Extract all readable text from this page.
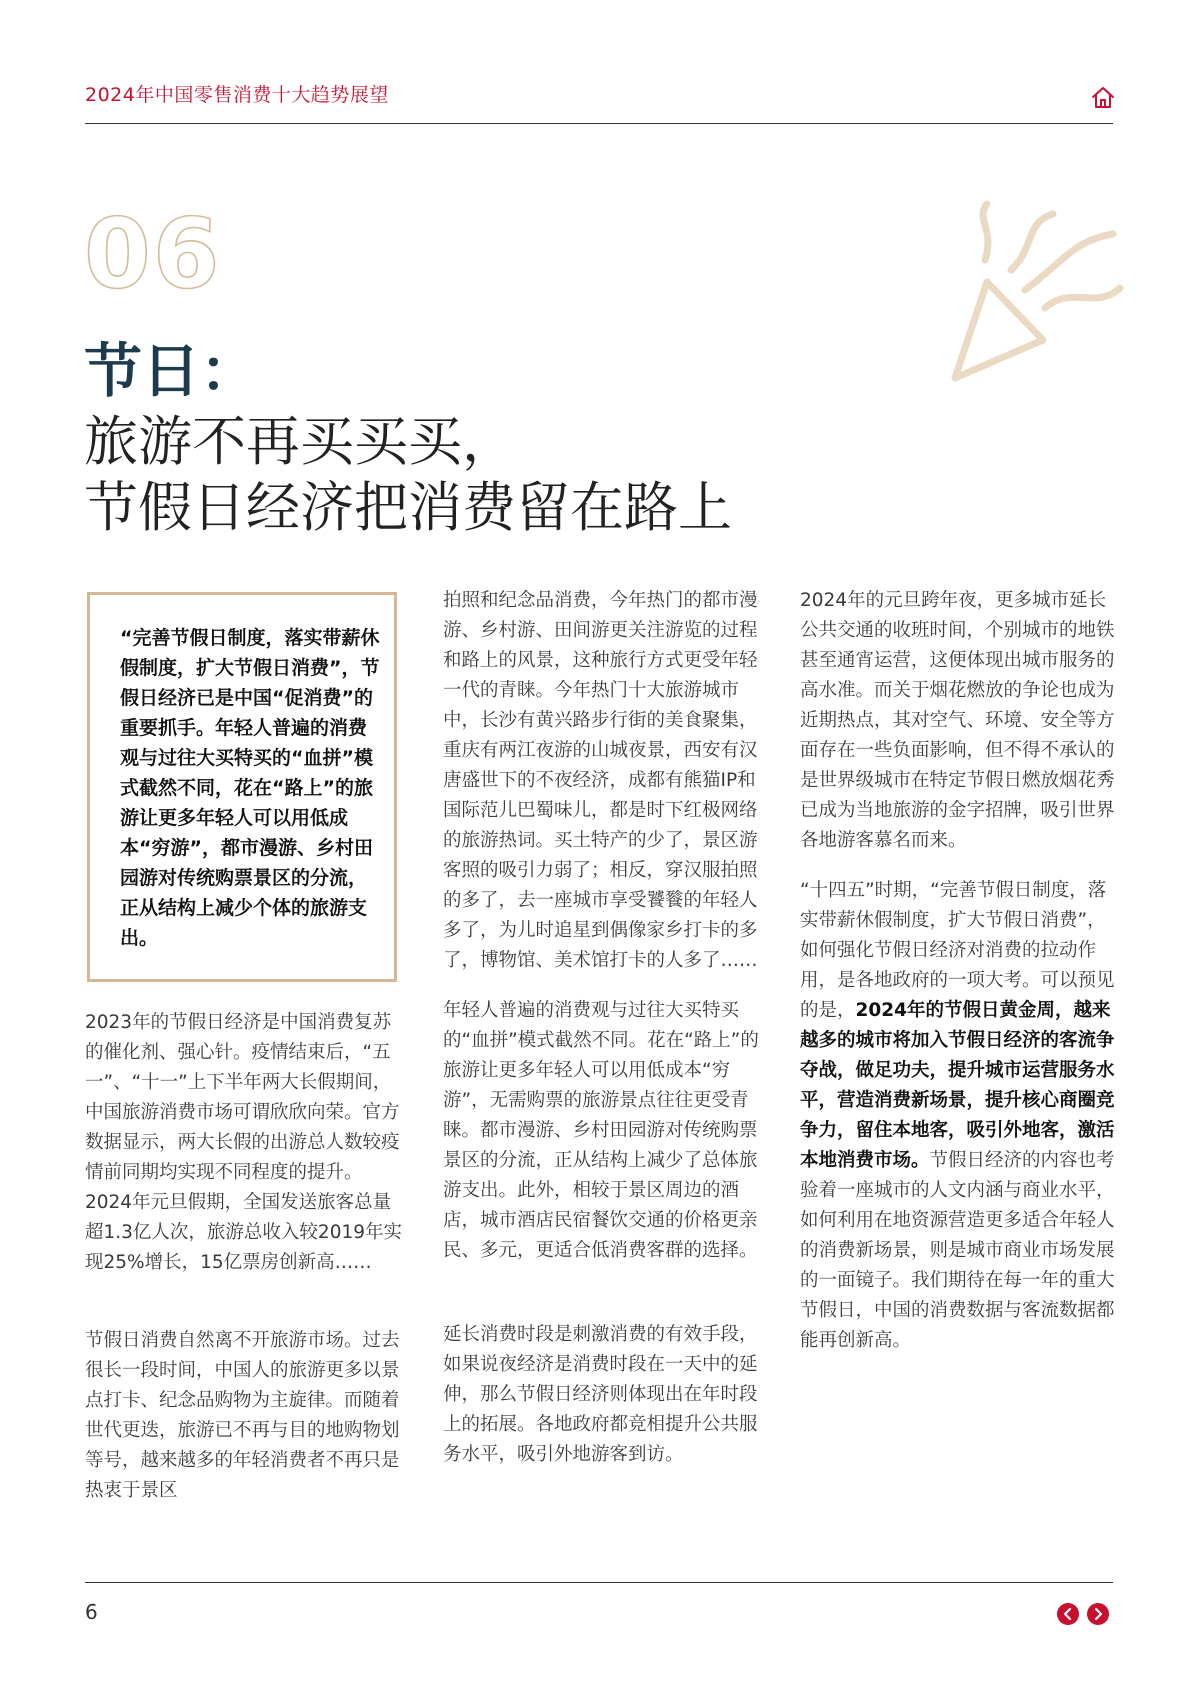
2024年中国零售消费十大趋势展望
06
节日：
旅游不再买买买，
节假日经济把消费留在路上
“完善节假日制度，落实带薪休假制度，扩大节假日消费”，节假日经济已是中国“促消费”的重要抓手。年轻人普遍的消费观与过往大买特买的“血拼”模式截然不同，花在“路上”的旅游让更多年轻人可以用低成本“穷游”，都市漫游、乡村田园游对传统购票景区的分流，正从结构上减少个体的旅游支出。

2023年的节假日经济是中国消费复苏的催化剂、强心针。疫情结束后，“五一”、“十一”上下半年两大长假期间，中国旅游消费市场可谓欣欣向荣。官方数据显示，两大长假的出游总人数较疫情前同期均实现不同程度的提升。2024年元旦假期，全国发送旅客总量超1.3亿人次，旅游总收入较2019年实现25%增长，15亿票房创新高……

节假日消费自然离不开旅游市场。过去很长一段时间，中国人的旅游更多以景点打卡、纪念品购物为主旋律。而随着世代更迭，旅游已不再与目的地购物划等号，越来越多的年轻消费者不再只是热衷于景区

拍照和纪念品消费，今年热门的都市漫游、乡村游、田间游更关注游览的过程和路上的风景，这种旅行方式更受年轻一代的青睐。今年热门十大旅游城市中，长沙有黄兴路步行街的美食聚集，重庆有两江夜游的山城夜景，西安有汉唐盛世下的不夜经济，成都有熊猫IP和国际范儿巴蜀味儿，都是时下红极网络的旅游热词。买土特产的少了，景区游客照的吸引力弱了；相反，穿汉服拍照的多了，去一座城市享受饕餮的年轻人多了，为儿时追星到偶像家乡打卡的多了，博物馆、美术馆打卡的人多了……

年轻人普遍的消费观与过往大买特买的“血拼”模式截然不同。花在“路上”的旅游让更多年轻人可以用低成本“穷游”，无需购票的旅游景点往往更受青睐。都市漫游、乡村田园游对传统购票景区的分流，正从结构上减少了总体旅游支出。此外，相较于景区周边的酒店，城市酒店民宿餐饮交通的价格更亲民、多元，更适合低消费客群的选择。

延长消费时段是刺激消费的有效手段，如果说夜经济是消费时段在一天中的延伸，那么节假日经济则体现出在年时段上的拓展。各地政府都竞相提升公共服务水平，吸引外地游客到访。

2024年的元旦跨年夜，更多城市延长公共交通的收班时间，个别城市的地铁甚至通宵运营，这便体现出城市服务的高水准。而关于烟花燃放的争论也成为近期热点，其对空气、环境、安全等方面存在一些负面影响，但不得不承认的是世界级城市在特定节假日燃放烟花秀已成为当地旅游的金字招牌，吸引世界各地游客慕名而来。

“十四五”时期，“完善节假日制度，落实带薪休假制度，扩大节假日消费”，如何强化节假日经济对消费的拉动作用，是各地政府的一项大考。可以预见的是，2024年的节假日黄金周，越来越多的城市将加入节假日经济的客流争夺战，做足功夫，提升城市运营服务水平，营造消费新场景，提升核心商圈竞争力，留住本地客，吸引外地客，激活本地消费市场。节假日经济的内容也考验着一座城市的人文内涵与商业水平，如何利用在地资源营造更多适合年轻人的消费新场景，则是城市商业市场发展的一面镜子。我们期待在每一年的重大节假日，中国的消费数据与客流数据都能再创新高。

6
